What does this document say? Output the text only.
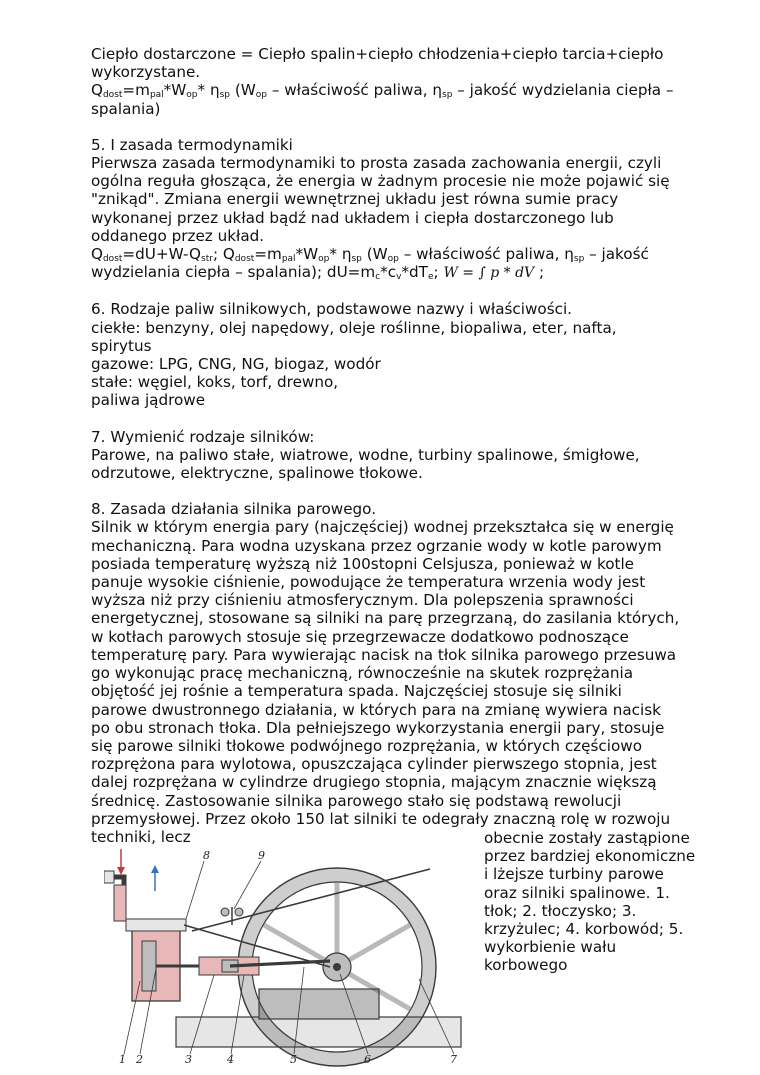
Ciepło dostarczone = Ciepło spalin+ciepło chłodzenia+ciepło tarcia+ciepło wykorzystane.

$Q_{dost}=m_{pal}*W_{op}*$ $\eta_{sp}$ ($W_{op}$ – właściwość paliwa, $\eta_{sp}$ – jakość wydzielania ciepła – spalania)

5. I zasada termodynamiki

Pierwsza zasada termodynamiki to prosta zasada zachowania energii, czyli ogólna reguła głosząca, że energia w żadnym procesie nie może pojawić się "znikąd". Zmiana energii wewnętrznej układu jest równa sumie pracy wykonanej przez układ bądź nad układem i ciepła dostarczonego lub oddanego przez układ.

$Q_{dost}=dU+W-Q_{str}$; $Q_{dost}=m_{pal}*W_{op}*$ $\eta_{sp}$ ($W_{op}$ – właściwość paliwa, $\eta_{sp}$ – jakość wydzielania ciepła – spalania); $dU=m_c*c_v*dT_e$; W = ∫ p * dV ;

6. Rodzaje paliw silnikowych, podstawowe nazwy i właściwości.

ciekłe: benzyny, olej napędowy, oleje roślinne, biopaliwa, eter, nafta, spirytus

gazowe: LPG, CNG, NG, biogaz, wodór

stałe: węgiel, koks, torf, drewno,

paliwa jądrowe

7. Wymienić rodzaje silników:

Parowe, na paliwo stałe, wiatrowe, wodne, turbiny spalinowe, śmigłowe, odrzutowe, elektryczne, spalinowe tłokowe.

8. Zasada działania silnika parowego.

Silnik w którym energia pary (najczęściej) wodnej przekształca się w energię mechaniczną. Para wodna uzyskana przez ogrzanie wody w kotle parowym posiada temperaturę wyższą niż 100stopni Celsjusza, ponieważ w kotle panuje wysokie ciśnienie, powodujące że temperatura wrzenia wody jest wyższa niż przy ciśnieniu atmosferycznym. Dla polepszenia sprawności energetycznej, stosowane są silniki na parę przegrzaną, do zasilania których, w kotłach parowych stosuje się przegrzewacze dodatkowo podnoszące temperaturę pary. Para wywierając nacisk na tłok silnika parowego przesuwa go wykonując pracę mechaniczną, równocześnie na skutek rozprężania objętość jej rośnie a temperatura spada. Najczęściej stosuje się silniki parowe dwustronnego działania, w których para na zmianę wywiera nacisk po obu stronach tłoka. Dla pełniejszego wykorzystania energii pary, stosuje się parowe silniki tłokowe podwójnego rozprężania, w których częściowo rozprężona para wylotowa, opuszczająca cylinder pierwszego stopnia, jest dalej rozprężana w cylindrze drugiego stopnia, mającym znacznie większą średnicę. Zastosowanie silnika parowego stało się podstawą rewolucji przemysłowej. Przez około 150 lat silniki te odegrały znaczną rolę w rozwoju techniki, lecz	obecnie zostały zastąpione przez bardziej ekonomiczne i lżejsze turbiny parowe oraz silniki spalinowe. 1. tłok; 2. tłoczysko; 3. krzyżulec; 4. korbowód; 5. wykorbienie wału korbowego
1 2	3	4	5	6	7
8	9
